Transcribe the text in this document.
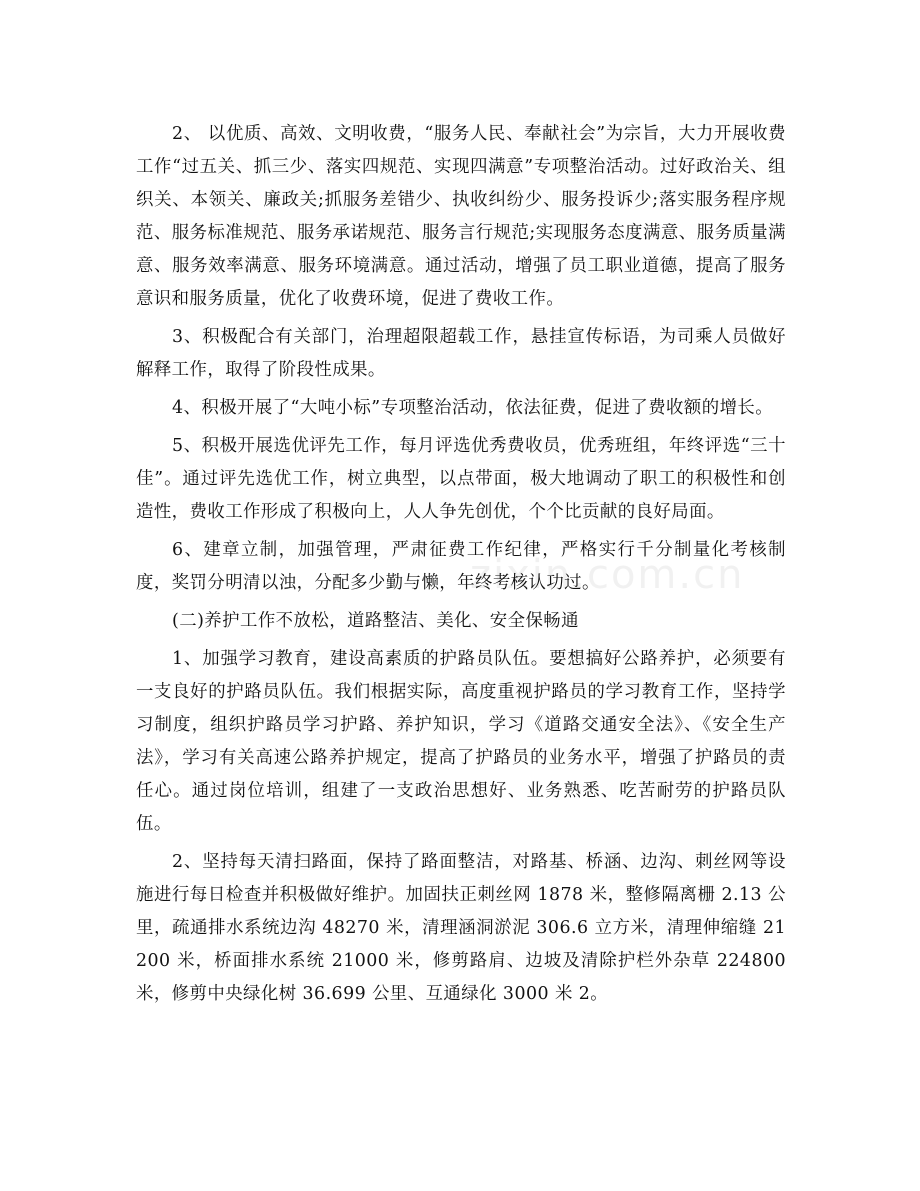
zixin.com.cn

2、 以优质、高效、文明收费，“服务人民、奉献社会”为宗旨，大力开展收费工作“过五关、抓三少、落实四规范、实现四满意”专项整治活动。过好政治关、组织关、本领关、廉政关;抓服务差错少、执收纠纷少、服务投诉少;落实服务程序规范、服务标准规范、服务承诺规范、服务言行规范;实现服务态度满意、服务质量满意、服务效率满意、服务环境满意。通过活动，增强了员工职业道德，提高了服务意识和服务质量，优化了收费环境，促进了费收工作。

3、积极配合有关部门，治理超限超载工作，悬挂宣传标语，为司乘人员做好解释工作，取得了阶段性成果。

4、积极开展了“大吨小标”专项整治活动，依法征费，促进了费收额的增长。

5、积极开展选优评先工作，每月评选优秀费收员，优秀班组，年终评选“三十佳”。通过评先选优工作，树立典型，以点带面，极大地调动了职工的积极性和创造性，费收工作形成了积极向上，人人争先创优，个个比贡献的良好局面。

6、建章立制，加强管理，严肃征费工作纪律，严格实行千分制量化考核制度，奖罚分明清以浊，分配多少勤与懒，年终考核认功过。

(二)养护工作不放松，道路整洁、美化、安全保畅通

1、加强学习教育，建设高素质的护路员队伍。要想搞好公路养护，必须要有一支良好的护路员队伍。我们根据实际，高度重视护路员的学习教育工作，坚持学习制度，组织护路员学习护路、养护知识，学习《道路交通安全法》、《安全生产法》，学习有关高速公路养护规定，提高了护路员的业务水平，增强了护路员的责任心。通过岗位培训，组建了一支政治思想好、业务熟悉、吃苦耐劳的护路员队伍。

2、坚持每天清扫路面，保持了路面整洁，对路基、桥涵、边沟、刺丝网等设施进行每日检查并积极做好维护。加固扶正刺丝网 1878 米，整修隔离栅 2.13 公里，疏通排水系统边沟 48270 米，清理涵洞淤泥 306.6 立方米，清理伸缩缝 21200 米，桥面排水系统 21000 米，修剪路肩、边坡及清除护栏外杂草 224800 米，修剪中央绿化树 36.699 公里、互通绿化 3000 米 2。
